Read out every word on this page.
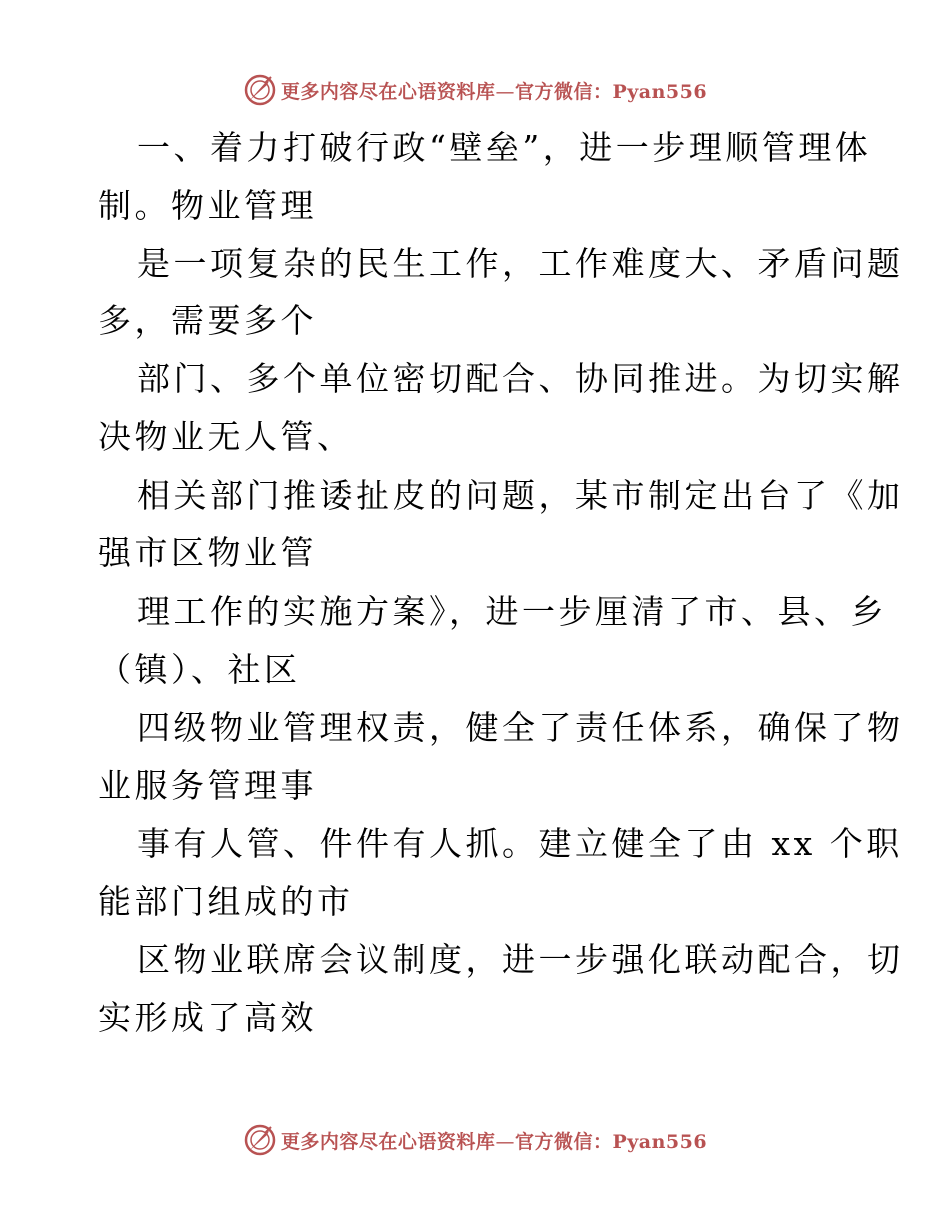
更多内容尽在心语资料库—官方微信：Pyan556
一、着力打破行政“壁垒”，进一步理顺管理体
制。物业管理
是一项复杂的民生工作，工作难度大、矛盾问题
多，需要多个
部门、多个单位密切配合、协同推进。为切实解
决物业无人管、
相关部门推诿扯皮的问题，某市制定出台了《加
强市区物业管
理工作的实施方案》，进一步厘清了市、县、乡
（镇）、社区
四级物业管理权责，健全了责任体系，确保了物
业服务管理事
事有人管、件件有人抓。建立健全了由 xx 个职
能部门组成的市
区物业联席会议制度，进一步强化联动配合，切
实形成了高效
更多内容尽在心语资料库—官方微信：Pyan556
